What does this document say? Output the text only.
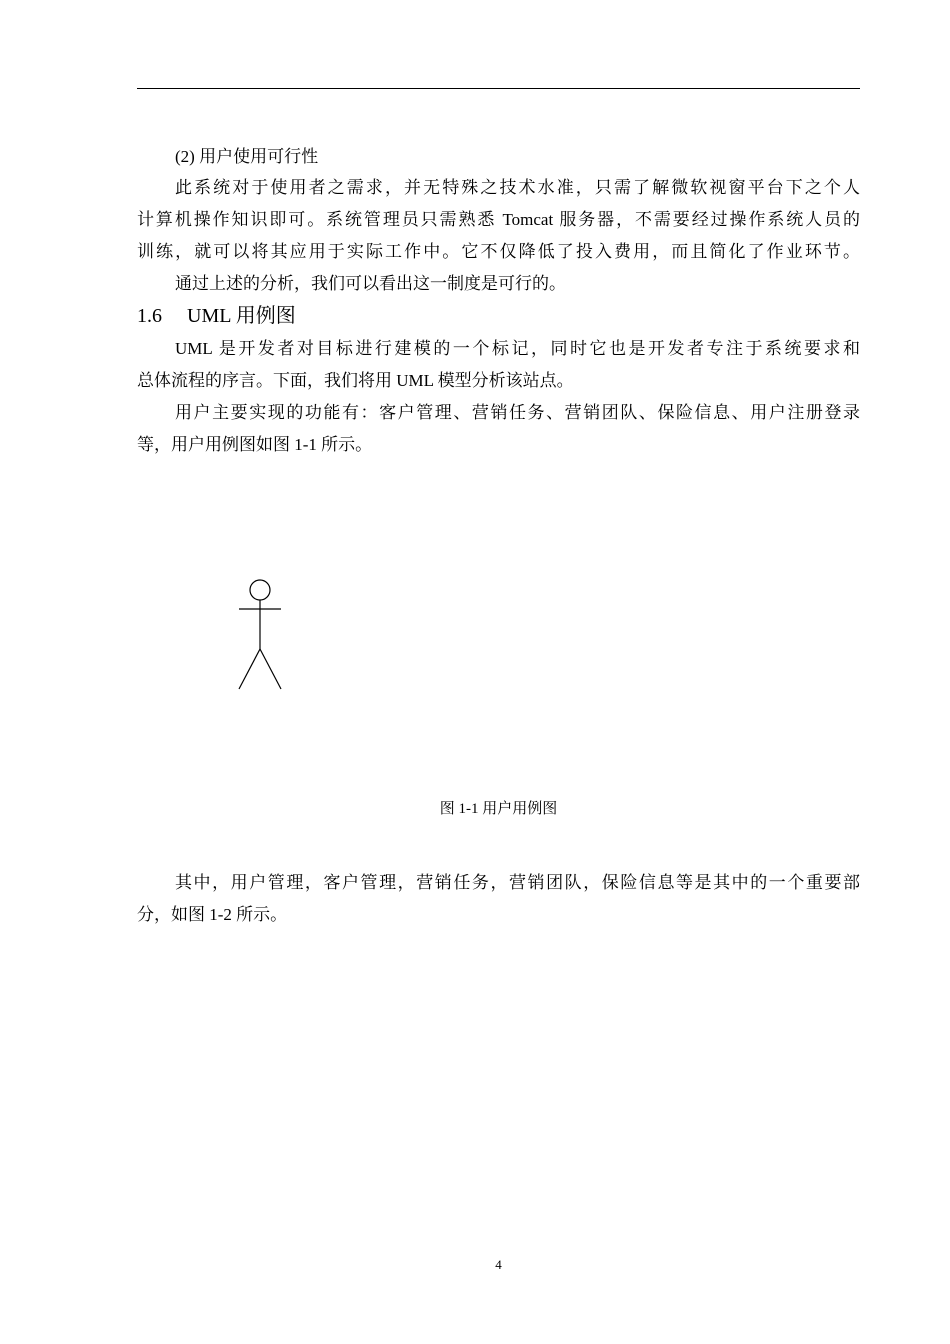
(2) 用户使用可行性
此系统对于使用者之需求，并无特殊之技术水准，只需了解微软视窗平台下之个人
计算机操作知识即可。系统管理员只需熟悉 Tomcat 服务器，不需要经过操作系统人员的
训练，就可以将其应用于实际工作中。它不仅降低了投入费用，而且简化了作业环节。
通过上述的分析，我们可以看出这一制度是可行的。
1.6 UML 用例图
UML 是开发者对目标进行建模的一个标记，同时它也是开发者专注于系统要求和
总体流程的序言。下面，我们将用 UML 模型分析该站点。
用户主要实现的功能有：客户管理、营销任务、营销团队、保险信息、用户注册登录
等，用户用例图如图 1-1 所示。
图 1-1 用户用例图
其中，用户管理，客户管理，营销任务，营销团队，保险信息等是其中的一个重要部
分，如图 1-2 所示。
4
